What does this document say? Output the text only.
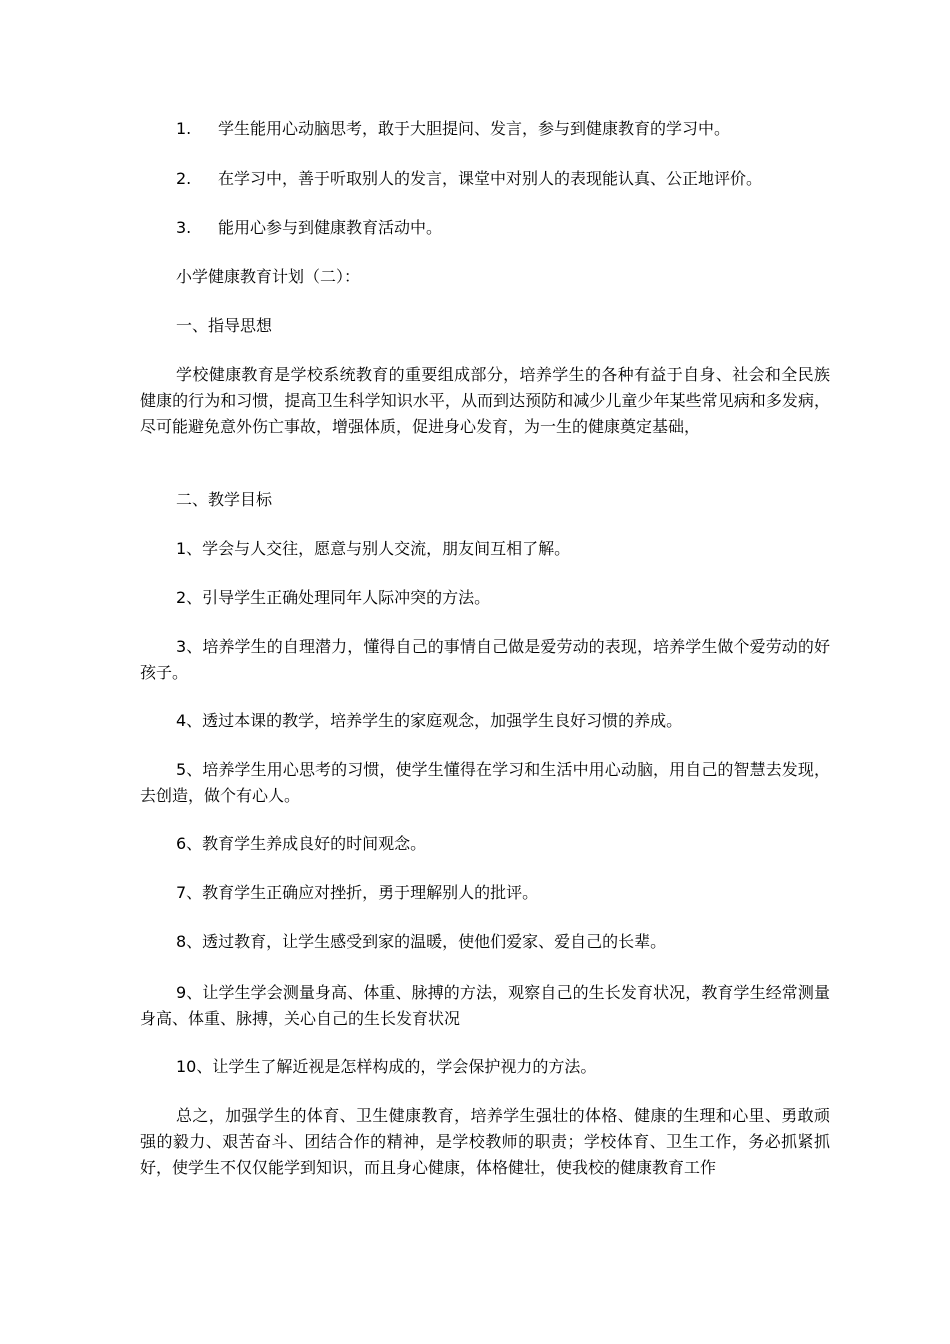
1. 学生能用心动脑思考，敢于大胆提问、发言，参与到健康教育的学习中。
2. 在学习中，善于听取别人的发言，课堂中对别人的表现能认真、公正地评价。
3. 能用心参与到健康教育活动中。
小学健康教育计划（二）：
一、指导思想
学校健康教育是学校系统教育的重要组成部分，培养学生的各种有益于自身、社会和全民族健康的行为和习惯，提高卫生科学知识水平，从而到达预防和减少儿童少年某些常见病和多发病，尽可能避免意外伤亡事故，增强体质，促进身心发育，为一生的健康奠定基础，
二、教学目标
1、学会与人交往，愿意与别人交流，朋友间互相了解。
2、引导学生正确处理同年人际冲突的方法。
3、培养学生的自理潜力，懂得自己的事情自己做是爱劳动的表现，培养学生做个爱劳动的好孩子。
4、透过本课的教学，培养学生的家庭观念，加强学生良好习惯的养成。
5、培养学生用心思考的习惯，使学生懂得在学习和生活中用心动脑，用自己的智慧去发现，去创造，做个有心人。
6、教育学生养成良好的时间观念。
7、教育学生正确应对挫折，勇于理解别人的批评。
8、透过教育，让学生感受到家的温暖，使他们爱家、爱自己的长辈。
9、让学生学会测量身高、体重、脉搏的方法，观察自己的生长发育状况，教育学生经常测量身高、体重、脉搏，关心自己的生长发育状况
10、让学生了解近视是怎样构成的，学会保护视力的方法。
总之，加强学生的体育、卫生健康教育，培养学生强壮的体格、健康的生理和心里、勇敢顽强的毅力、艰苦奋斗、团结合作的精神，是学校教师的职责；学校体育、卫生工作，务必抓紧抓好，使学生不仅仅能学到知识，而且身心健康，体格健壮，使我校的健康教育工作
